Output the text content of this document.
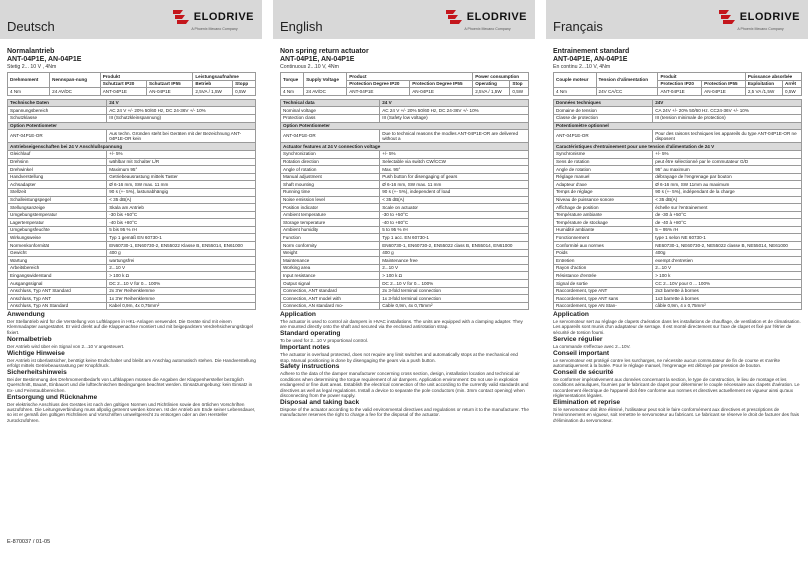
Deutsch
ELODRIVE
A Phoenix Mecano Company
Normalantrieb
ANT-04P1E, AN-04P1E
Stetig 2... 10 V , 4Nm
Drehmoment	Nennspan-nung	Produkt		Leistungsaufnahme	
		Schutzart IP20	Schutzart IP55	Betrieb	Stopp
4 Nm	24 AV/DC	ANT-04P1E	AN-04P1E	2,5VA / 1,5W	0,5W
Technische Daten	24 V
Spannungsbereich	AC 24 V +/- 20% 50/60 Hz, DC 24-36V +/- 10%
Schutzklasse	III (Schutzkleinspannung)
Option Potentiometer	
ANT-04P1E-OR	Aus techn. Gründen steht bei Geräten mit der Bezeichnung ANT-04P1E-OR kein
Antriebseigenschaften bei 24 V Anschlußspannung	
Gleichlauf	+/- 5%
Drehsinn	wählbar mit Schalter L/R
Drehwinkel	Maximum 95°
Handverstellung	Getriebeausrastung mittels Taster
Achsadapter	Ø 6-16 mm, SW max. 11 mm
Stellzeit	90 s (+- 5%), lastunabhängig
Schalleistungspegel	< 35 dB(A)
Stellungsanzeige	Skala am Antrieb
Umgebungstemperatur	-30 bis +50°C
Lagertemperatur	-40 bis +80°C
Umgebungsfeuchte	5 bis 95 % rH
Wirkungsweise	Typ 1 gemäß EN 60730-1
Normenkonformität	EN60730-1, EN60730-2, EN55022 Klasse B, EN55014, EN61000
Gewicht	400 g
Wartung	wartungsfrei
Arbeitsbereich	2...10 V
Eingangswiderstand	> 100 k Ω
Ausgangssignal	DC 2...10 V für 0... 100%
Anschluss, Typ ANT Standard	2x 3'er Reihenklemme
Anschluss, Typ ANT	1x 3'er Reihenklemme
Anschluss, Typ AN Standard	Kabel 0,9m, 4x 0,75mm²
Anwendung
Der Stellantrieb wird für die Verstellung von Luftklappen in HKL-Anlagen verwendet. Die Geräte sind mit einem Klemmadapter ausgestattet. Er wird direkt auf die Klappenachse montiert und mit beigepacktem Verdrehsicherungsbügel fixiert.
Normalbetrieb
Der Antrieb wird über ein Signal von 2...10 V angesteuert.
Wichtige Hinweise
Der Antrieb ist überlastsicher, benötigt keine Endschalter und bleibt am Anschlag automatisch stehen. Die Handverstellung erfolgt mittels Getriebeausrastung per Knopfdruck.
Sicherheitshinweis
Bei der Bestimmung des Drehmomentbedarfs von Luftklappen müssen die Angaben der Klappenhersteller bezüglich Querschnitt, Bauart, Einbauort und die lufttechnischen Bedingungen beachtet werden. Einsatzumgebung: kein Einsatz in Ex- und Feinstaubbereichen.
Entsorgung und Rücknahme
Der elektrische Anschluss des Gerätes ist nach den gültigen Normen und Richtlinien sowie den örtlichen Vorschriften auszuführen. Die Leitungsverbindung muss allpolig getrennt werden können. Ist der Antrieb am Ende seiner Lebensdauer, so ist er gemäß den gültigen Richtlinien und Vorschriften umweltgerecht zu entsorgen oder an den Hersteller zurückzuführen.
English
ELODRIVE
A Phoenix Mecano Company
Non spring return actuator
ANT-04P1E, AN-04P1E
Continuous 2...10 V, 4Nm
Torque	Supply Voltage	Product		Power consumption	
		Protection Degree IP20	Protection Degree IP55	Operating	Stop
4 Nm	24 AV/DC	ANT-04P1E	AN-04P1E	2,5VA / 1,5W	0,5W
Technical data	24 V
Nominal voltage	AC 24 V +/- 20% 50/60 Hz, DC 24-36V +/- 10%
Protection class	III (Safety low voltage)
Option Potentiometer	
ANT-04P1E-OR	Due to technical reasons the modles ANT-04P1E-OR are delivered without a
Actuator features at 24 V connection voltage	
Synchronization	+/- 5%
Rotation direction	Selectable via switch CW/CCW
Angle of rotation	Max. 95°
Manual adjustment	Push button for disengaging of gears
Shaft mounting	Ø 6-16 mm, SW max. 11 mm
Running time	90 s (+- 5%), independent of load
Noise emission level	< 35 dB(A)
Position indicator	Scale on actuator
Ambient temperature	-30 to +50°C
Storage temperature	-40 to +80°C
Ambient humidity	5 to 95 % rH
Function	Typ 1 acc. EN 60730-1
Norm conformity	EN60730-1, EN60730-2, EN55022 class B, EN55014, EN61000
Weight	400 g
Maintenance	Maintenance free
Working area	2...10 V
Input resistance	> 100 k Ω
Output signal	DC 2...10 V for 0... 100%
Connection, ANT standard	2x 3-fold terminal connection
Connection, ANT model with	1x 3-fold terminal connection
Connection, AN standard mo-	Cable 0,9m, 4x 0,75mm²
Application
The actuator is used to control air dampers in HVAC installations. The units are equipped with a clamping adapter. They are mounted directly onto the shaft and secured via the enclosed antirotation strap.
Standard operating
To be used for 2...10 V proportional control.
Important notes
The actuator is overload protected, does not require any limit switches and automatically stops at the mechanical end stop. Manual positioning is done by disengaging the gears via a push button.
Safety instructions
Adhere to the data of the damper manufacturer concerning cross section, design, installation location and technical air conditions when determining the torque requirement of air dampers. Application environment: Do not use in explosion endangered or fine dust areas. Establish the electrical connection of the unit according to the currently valid standards and directives as well as legal regulations. Install a device to separate the pole conductors (min. 3mm contact opening) when disconnecting from the power supply.
Disposal and taking back
Dispose of the actuator according to the valid environmental directives and regulations or return it to the manufacturer. The manufacturer reserves the right to charge a fee for the disposal of the actuator.
Français
ELODRIVE
A Phoenix Mecano Company
Entrainement standard
ANT-04P1E, AN-04P1E
En continu 2...10 V, 4Nm
Couple moteur	Tension d'alimentation	Produit		Puissance absorbée	
		Protection IP20	Protection IP55	Exploitation	Arrêt
4 Nm	24V CA/CC	ANT-04P1E	AN-04P1E	2,5 VA /1,5W	0,5W
Données techniques	24V
Domaine de tension	CA 24V +/- 20% 50/60 Hz. CC24-36V +/- 10%
Classe de protection	III (tension minimale de protection)
Potentiomètre optionnel	
ANT-04P1E-OR	Pour des raisons techniques les appareils du type ANT-04P1E-OR ne disposent
Caractéristiques d'entrainement pour une tension d'alimentation de 24 V	
Synchronisme	+/- 5%
Sens de rotation	peut être sélectionné par le commutateur G/D
Angle de rotation	95° au maximum
Réglage manuel	débrayage de l'engrenage par bouton
Adapteur d'axe	Ø 6-16 mm, SW 11mm au maximum
Temps de réglage	90 s (+- 5%), indépendant de la charge
Niveau de puissance sonore	< 35 dB(A)
Affichage de position	échelle sur l'entrainement
Température ambiante	de -30 à +50°C
Température de stockage	de -40 à +80°C
Humidité ambiante	5 – 95% rH
Fonctionnement	type 1 selon NE 60730-1
Conformité aux normes	NE60730-1, NE60730-2, NE55022 classe B, NE55014, NE61000
Poids	400g
Entretien	exempt d'entretien
Rayon d'action	2...10 V
Résistance d'entrée	> 100 k
Signal de sortie	CC 2...10V pour 0 ... 100%
Raccordement, type ANT	2x3 barrette à bornes
Raccordement, type ANT sans	1x3 barrette à bornes
Raccordement, type AN Stan-	câble 0,9m, 4 x 0,75mm²
Application
Le servomoteur sert au réglage de clapets d'aération dans les installations de chauffage, de ventilation et de climatisation. Les appareils sont munis d'un adaptateur de serrage. Il est monté directement sur l'axe de clapet et fixé par l'étrier de sécurité de torsion fourni.
Service régulier
La commande s'effectue avec 2...10V.
Conseil important
Le servomoteur est protégé contre les surcharges, ne nécessite aucun commutateur de fin de course et s'arrête automatiquement à la butée. Pour le réglage manuel, l'engrenage est débrayé par pression de bouton.
Conseil de sécurité
Se conformer impérativement aux données concernant la section, le type de construction, le lieu de montage et les conditions aérauliques, fournies par le fabricant de clapet pour déterminer le couple nécessaire aux clapets d'aération. Le raccordement électrique de l'appareil doit être conforme aux normes et directives actuellement en vigueur ainsi qu'aux réglementations légales.
Elimination et reprise
Si le servomoteur doit être éliminé, l'utilisateur peut soit le faire conformément aux directives et prescriptions de l'environnement en vigueur, soit remettre le servomoteur au fabricant. Le fabricant se réserve le droit de facturer des frais d'élimination du servomoteur.
E-870037 / 01-05
